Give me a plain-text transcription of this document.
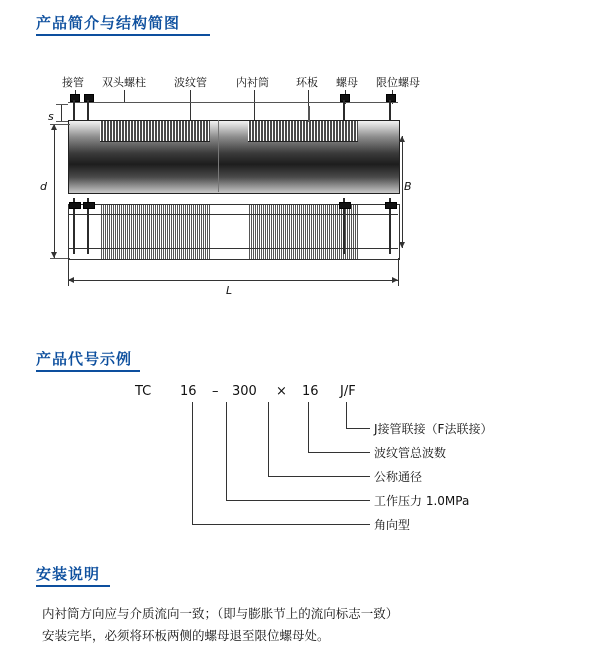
产品简介与结构简图
接管 双头螺柱	波纹管	内衬筒 环板 螺母 限位螺母
s
d	B
L
产品代号示例
TC 16 – 300 × 16 J/F
J接管联接（F法联接）
波纹管总波数
公称通径
工作压力 1.0MPa
角向型
安装说明
内衬筒方向应与介质流向一致；（即与膨胀节上的流向标志一致）
安装完毕，必须将环板两侧的螺母退至限位螺母处。
